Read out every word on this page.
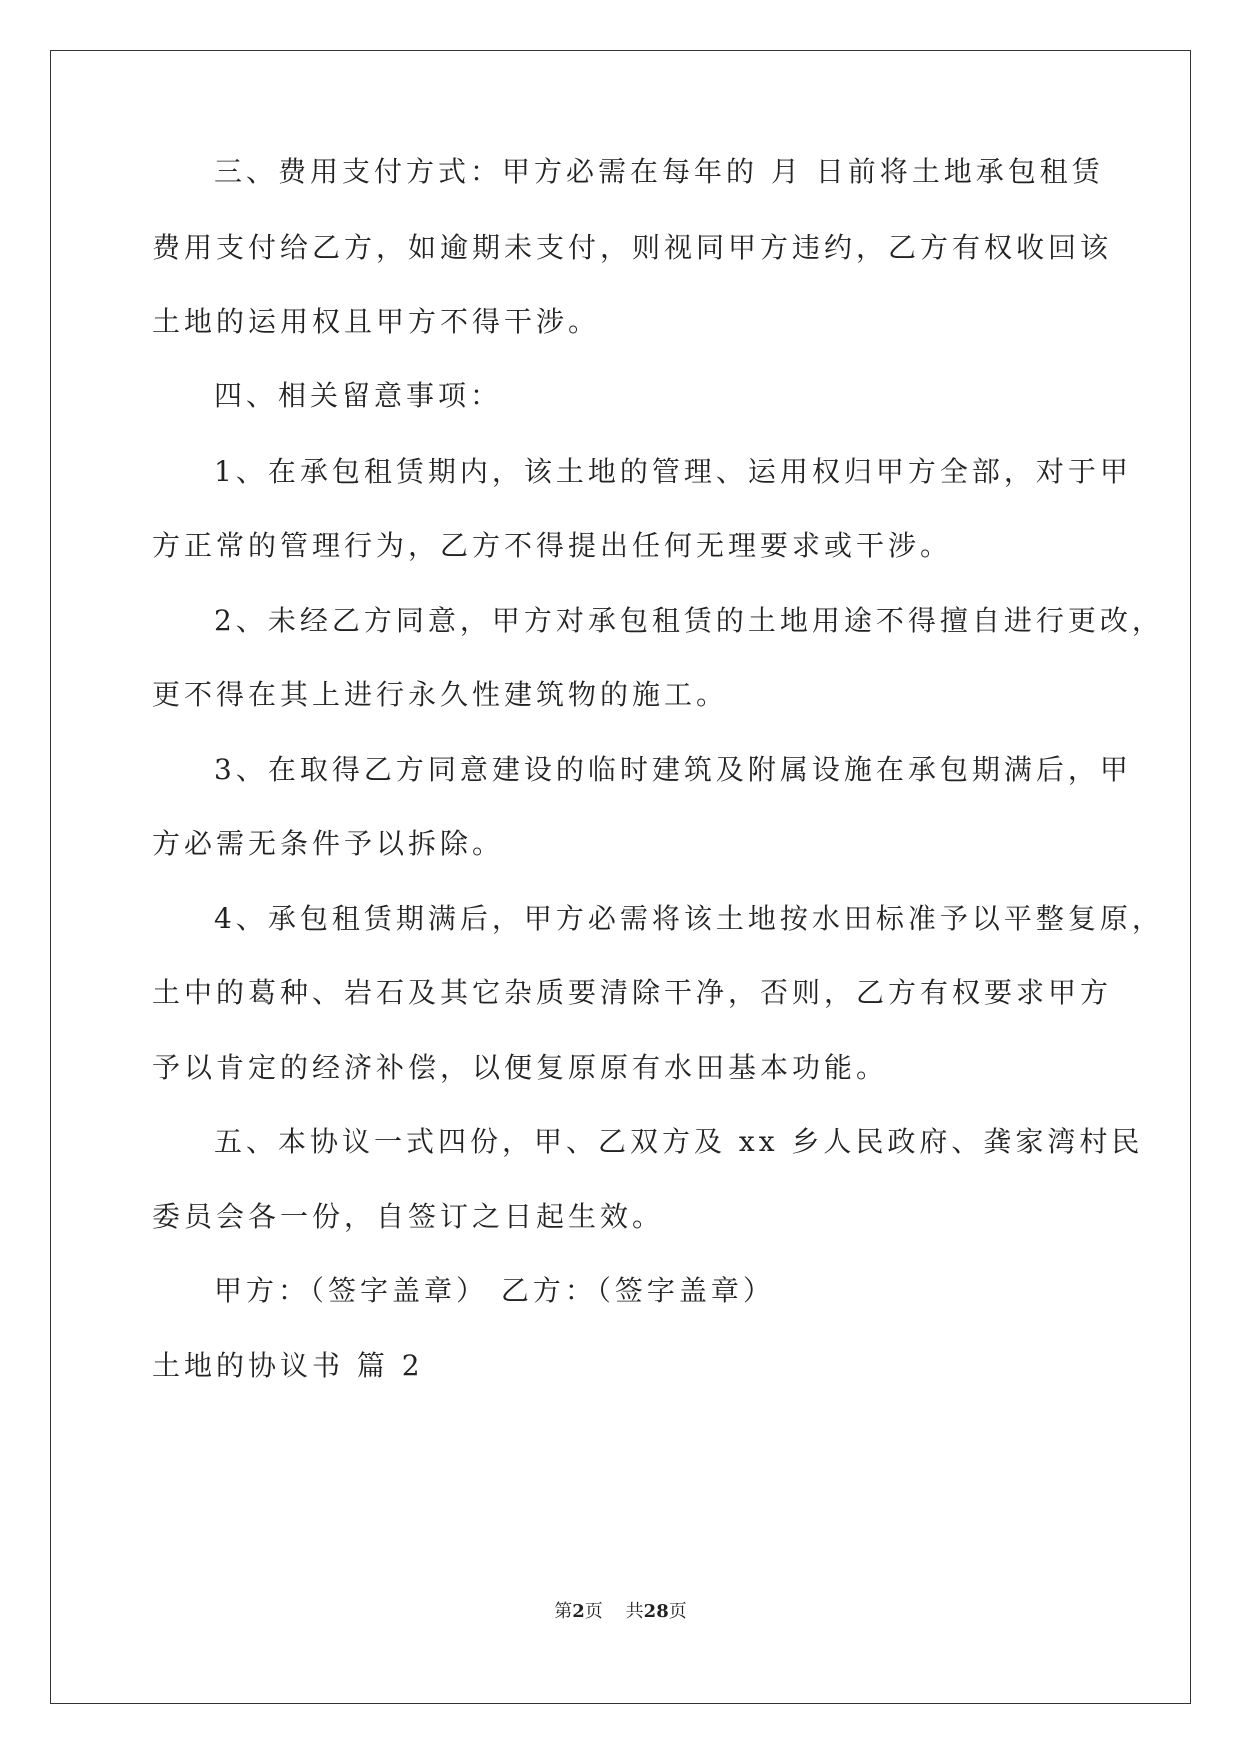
三、费用支付方式：甲方必需在每年的 月 日前将土地承包租赁
费用支付给乙方，如逾期未支付，则视同甲方违约，乙方有权收回该
土地的运用权且甲方不得干涉。
四、相关留意事项：
1、在承包租赁期内，该土地的管理、运用权归甲方全部，对于甲
方正常的管理行为，乙方不得提出任何无理要求或干涉。
2、未经乙方同意，甲方对承包租赁的土地用途不得擅自进行更改，
更不得在其上进行永久性建筑物的施工。
3、在取得乙方同意建设的临时建筑及附属设施在承包期满后，甲
方必需无条件予以拆除。
4、承包租赁期满后，甲方必需将该土地按水田标准予以平整复原，
土中的葛种、岩石及其它杂质要清除干净，否则，乙方有权要求甲方
予以肯定的经济补偿，以便复原原有水田基本功能。
五、本协议一式四份，甲、乙双方及 xx 乡人民政府、龚家湾村民
委员会各一份，自签订之日起生效。
甲方：（签字盖章） 乙方：（签字盖章）
土地的协议书 篇 2
第2页 共28页
